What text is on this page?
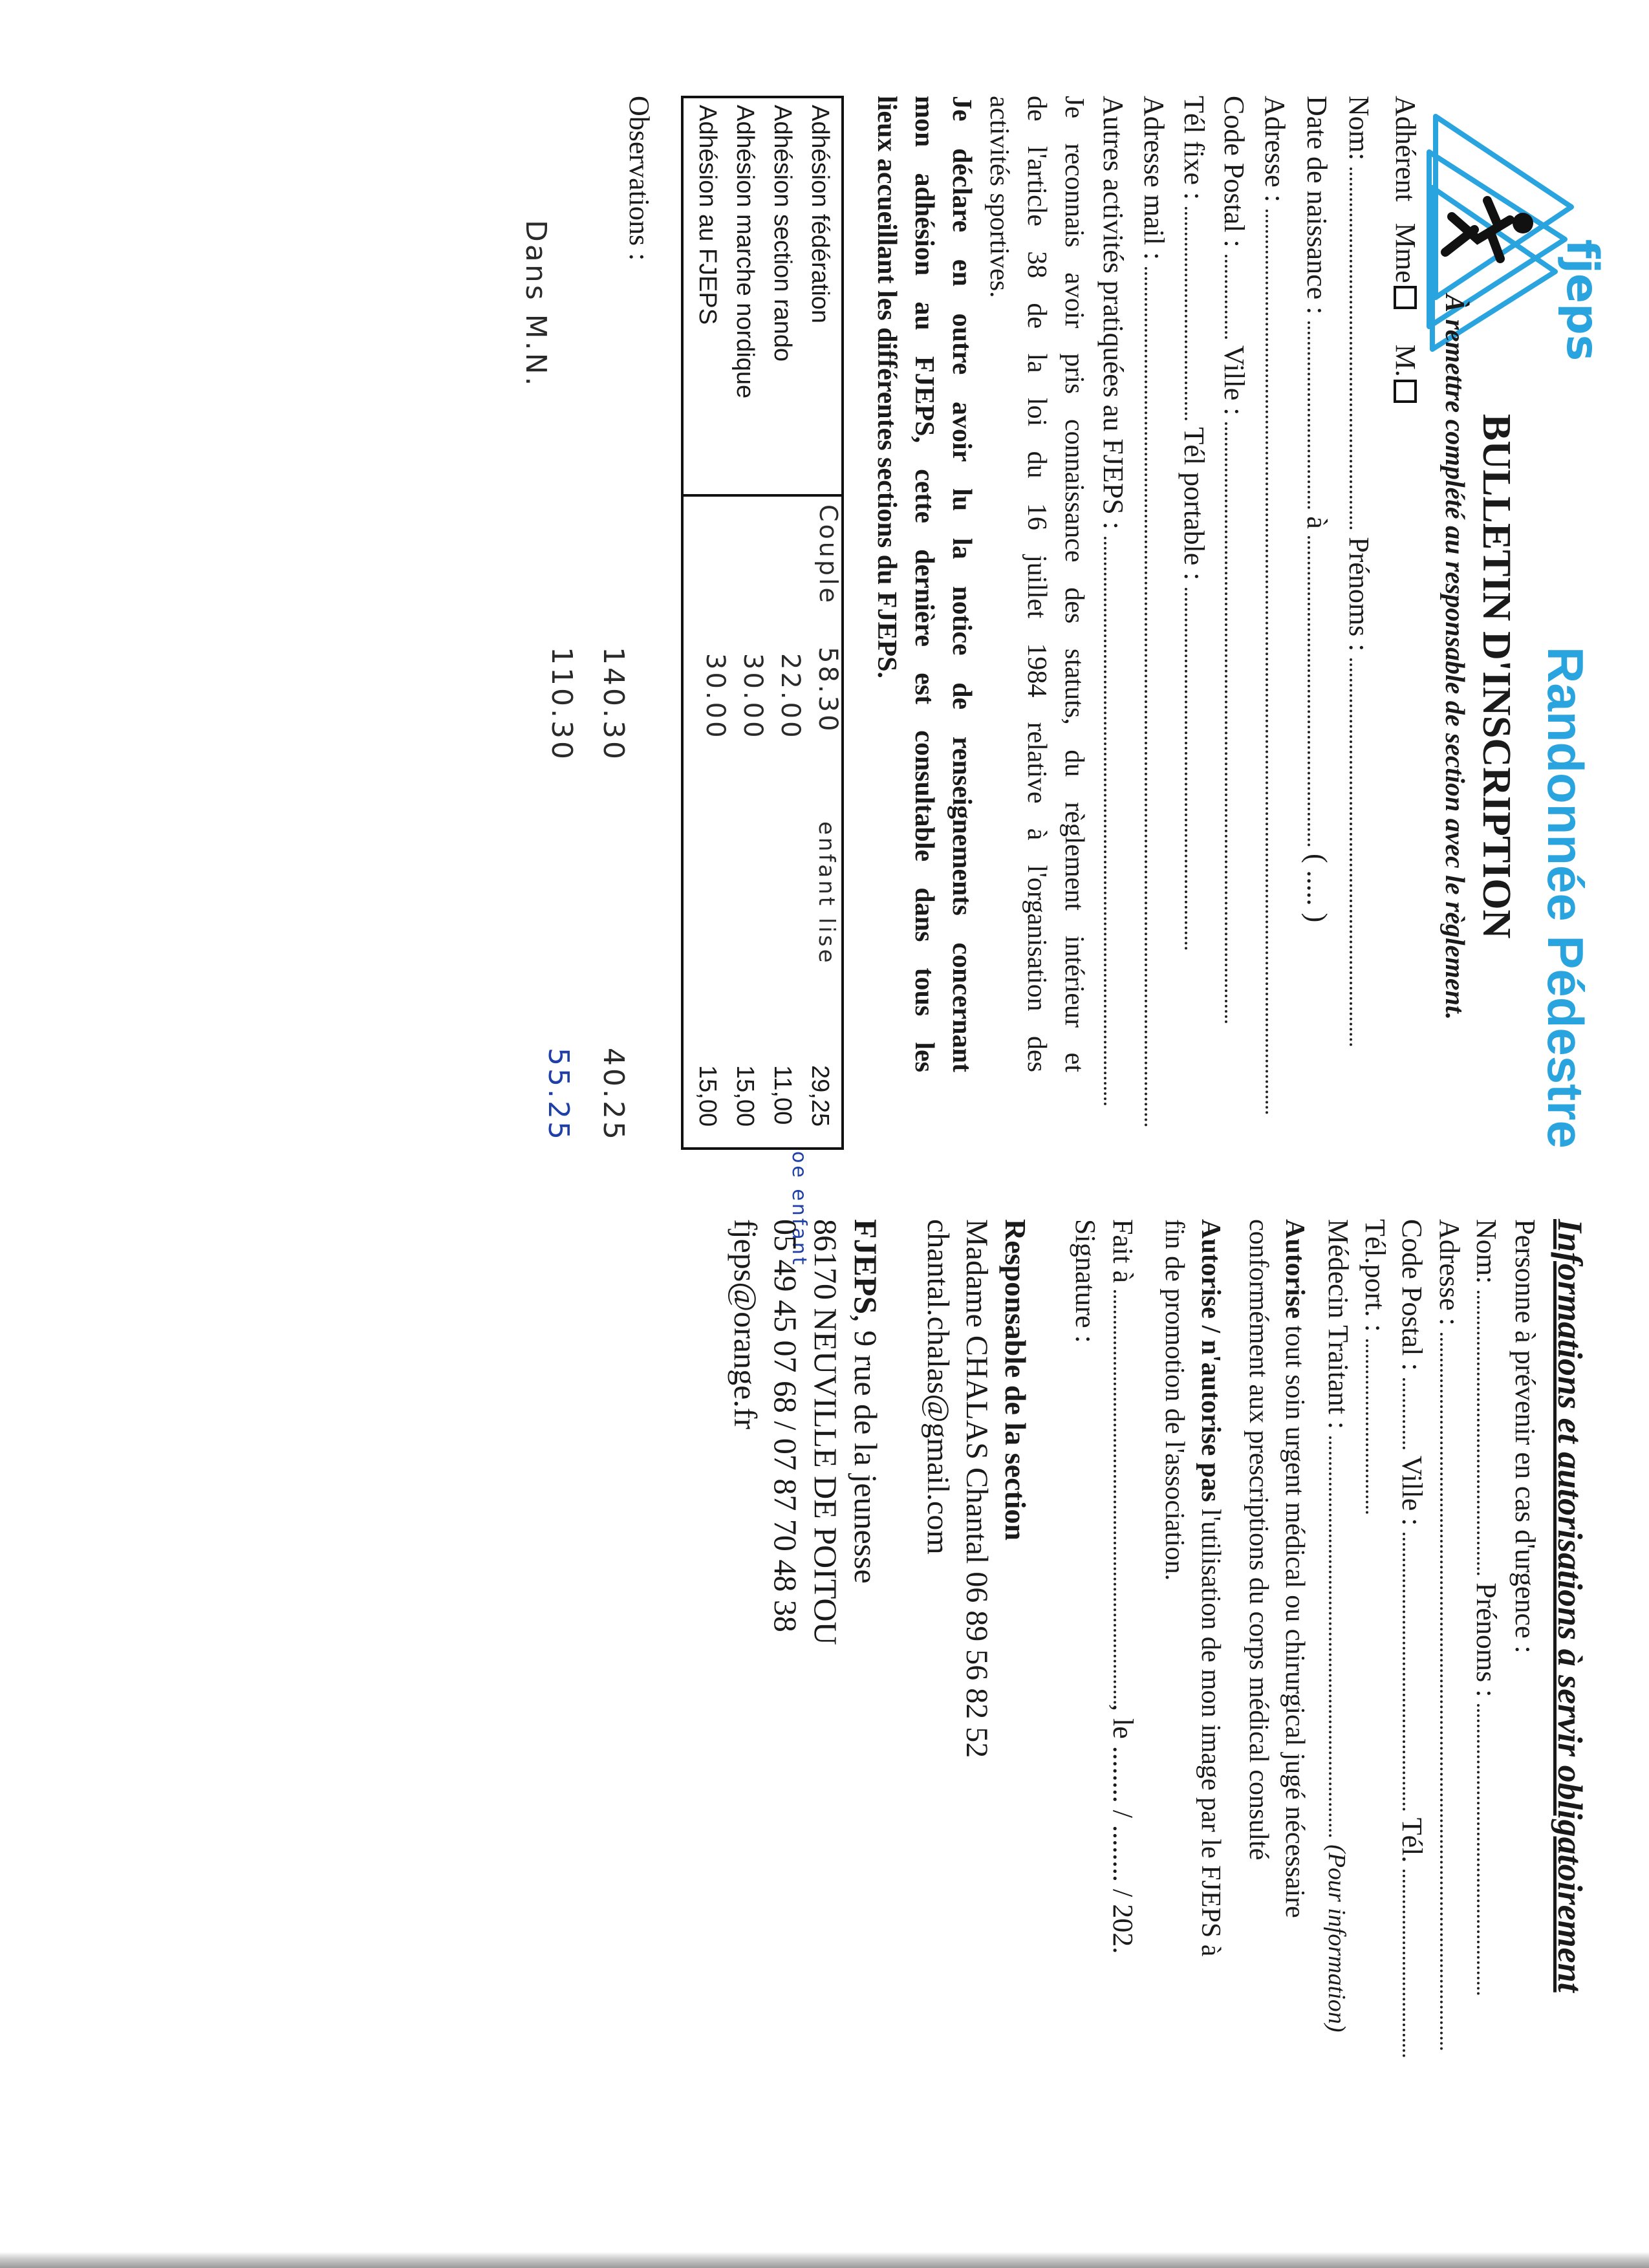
fjeps
Randonnée Pédestre
BULLETIN D'INSCRIPTION
À remettre complété au responsable de section avec le règlement.
Adhérent   Mme     M.
Nom:  Prénoms :
Date de naissance :  à  ( ..... )
Adresse :
Code Postal :  Ville :
Tél fixe :  Tél portable :
Adresse mail :
Autres activités pratiquées au FJEPS :
Je reconnais avoir pris connaissance des statuts, du règlement intérieur et
de l'article 38 de la loi du 16 juillet 1984 relative à l'organisation des
activités sportives.
Je déclare en outre avoir lu la notice de renseignements concernant
mon adhésion au FJEPS, cette dernière est consultable dans tous les
lieux accueillant les différentes sections du FJEPS.
Adhésion fédération
29,25
Adhésion section rando
11,00
Adhésion marche nordique
15,00
Adhésion au FJEPS
15,00
Couple
58.30
22.00
30.00
30.00
enfant lise
oe enfant
Observations :
140.30
110.30
40.25
55.25
Dans M.N.
Informations et autorisations à servir obligatoirement
Personne à prévenir en cas d'urgence :
Nom:  Prénoms :
Adresse :
Code Postal :  Ville :  Tél.
Tél.port. :
Médecin Traitant :  (Pour information)
Autorise tout soin urgent médical ou chirurgical jugé nécessaire
conformément aux prescriptions du corps médical consulté
Autorise / n'autorise pas l'utilisation de mon image par le FJEPS à
fin de promotion de l'association.
Fait à , le ........ / ........ / 202.
Signature :
Responsable de la section
Madame CHALAS Chantal 06 89 56 82 52
chantal.chalas@gmail.com
FJEPS, 9 rue de la jeunesse
86170 NEUVILLE DE POITOU
05 49 45 07 68 / 07 87 70 48 38
fjeps@orange.fr
